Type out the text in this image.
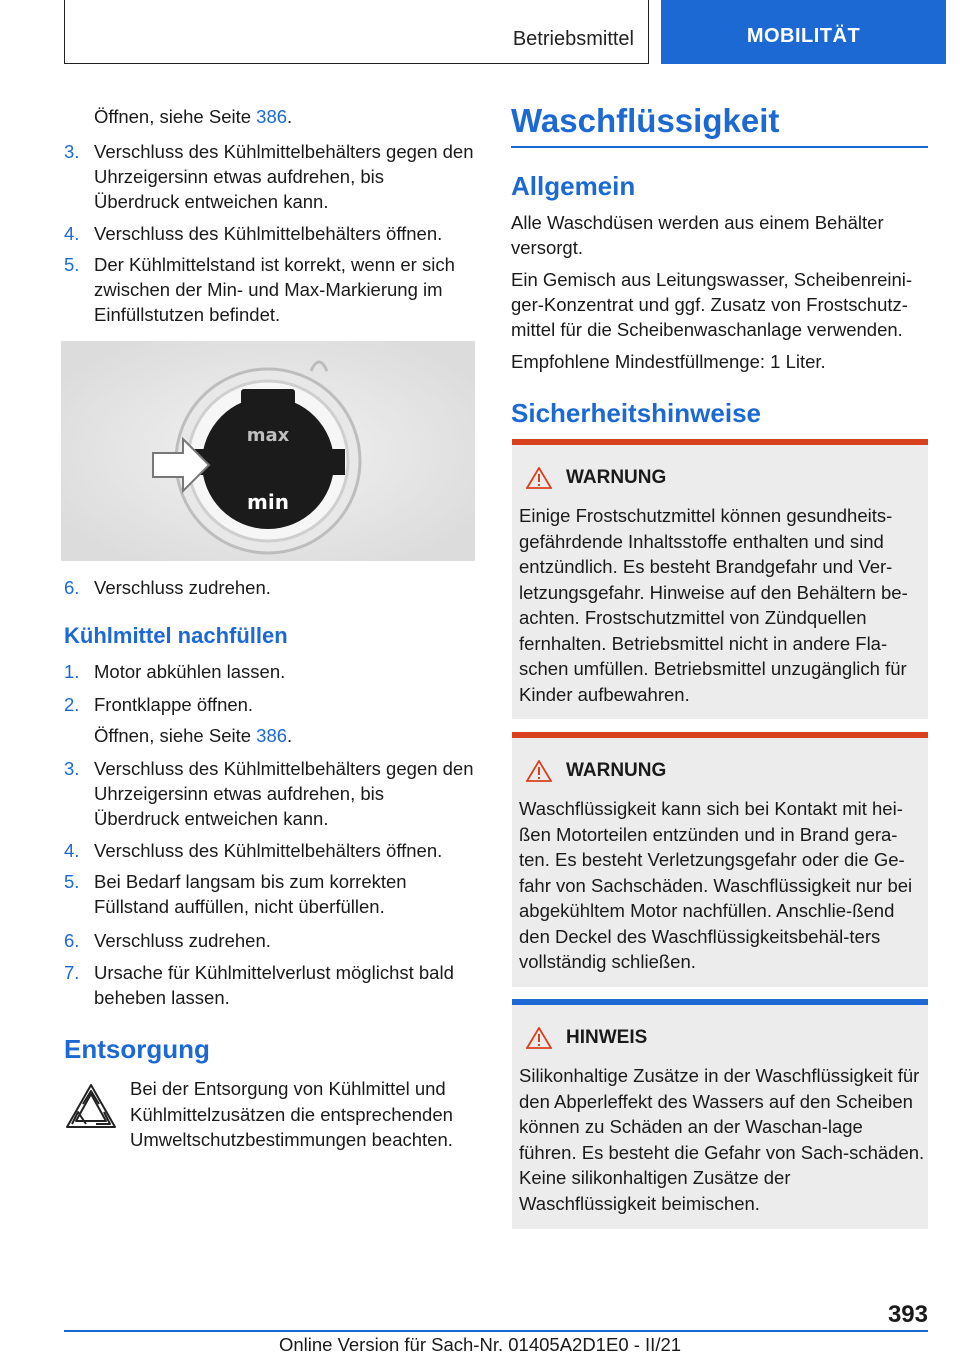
Betriebsmittel	MOBILITÄT
Öffnen, siehe Seite 386.
3. Verschluss des Kühlmittelbehälters gegen den Uhrzeigersinn etwas aufdrehen, bis Überdruck entweichen kann.
4. Verschluss des Kühlmittelbehälters öffnen.
5. Der Kühlmittelstand ist korrekt, wenn er sich zwischen der Min- und Max-Markierung im Einfüllstutzen befindet.
max
min
6. Verschluss zudrehen.
Kühlmittel nachfüllen
1. Motor abkühlen lassen.
2. Frontklappe öffnen.
Öffnen, siehe Seite 386.
3. Verschluss des Kühlmittelbehälters gegen den Uhrzeigersinn etwas aufdrehen, bis Überdruck entweichen kann.
4. Verschluss des Kühlmittelbehälters öffnen.
5. Bei Bedarf langsam bis zum korrekten Füllstand auffüllen, nicht überfüllen.
6. Verschluss zudrehen.
7. Ursache für Kühlmittelverlust möglichst bald beheben lassen.
Entsorgung
Bei der Entsorgung von Kühlmittel und Kühlmittelzusätzen die entsprechenden Umweltschutzbestimmungen beachten.
Waschflüssigkeit
Allgemein
Alle Waschdüsen werden aus einem Behälter versorgt.
Ein Gemisch aus Leitungswasser, Scheibenreini-ger-Konzentrat und ggf. Zusatz von Frostschutz-mittel für die Scheibenwaschanlage verwenden.
Empfohlene Mindestfüllmenge: 1 Liter.
Sicherheitshinweise
WARNUNG
Einige Frostschutzmittel können gesundheits-gefährdende Inhaltsstoffe enthalten und sind entzündlich. Es besteht Brandgefahr und Ver-letzungsgefahr. Hinweise auf den Behältern be-achten. Frostschutzmittel von Zündquellen fernhalten. Betriebsmittel nicht in andere Fla-schen umfüllen. Betriebsmittel unzugänglich für Kinder aufbewahren.
WARNUNG
Waschflüssigkeit kann sich bei Kontakt mit hei-ßen Motorteilen entzünden und in Brand gera-ten. Es besteht Verletzungsgefahr oder die Ge-fahr von Sachschäden. Waschflüssigkeit nur bei abgekühltem Motor nachfüllen. Anschlie-ßend den Deckel des Waschflüssigkeitsbehäl-ters vollständig schließen.
HINWEIS
Silikonhaltige Zusätze in der Waschflüssigkeit für den Abperleffekt des Wassers auf den Scheiben können zu Schäden an der Waschan-lage führen. Es besteht die Gefahr von Sach-schäden. Keine silikonhaltigen Zusätze der Waschflüssigkeit beimischen.
393
Online Version für Sach-Nr. 01405A2D1E0 - II/21
